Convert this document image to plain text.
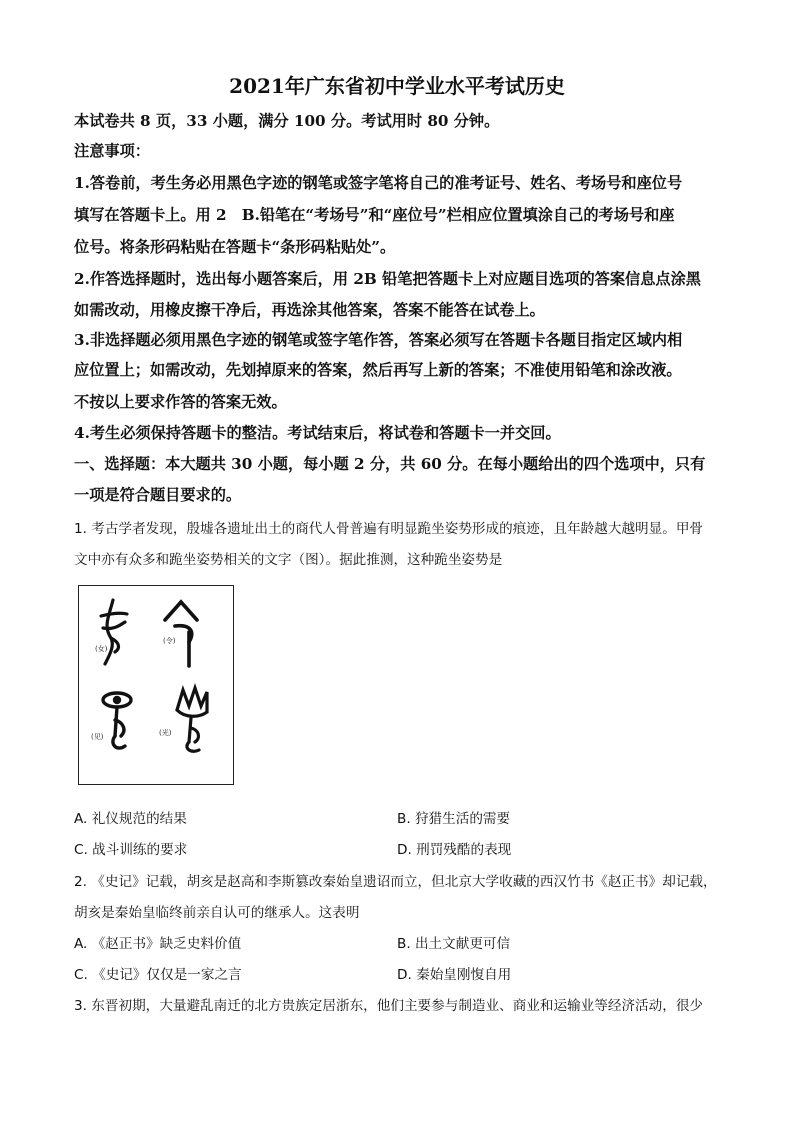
2021年广东省初中学业水平考试历史
本试卷共 8 页，33 小题，满分 100 分。考试用时 80 分钟。
注意事项：
1.答卷前，考生务必用黑色字迹的钢笔或签字笔将自己的准考证号、姓名、考场号和座位号
填写在答题卡上。用 2　B.铅笔在“考场号”和“座位号”栏相应位置填涂自己的考场号和座
位号。将条形码粘贴在答题卡“条形码粘贴处”。
2.作答选择题时，选出每小题答案后，用 2B 铅笔把答题卡上对应题目选项的答案信息点涂黑
如需改动，用橡皮擦干净后，再选涂其他答案，答案不能答在试卷上。
3.非选择题必须用黑色字迹的钢笔或签字笔作答，答案必须写在答题卡各题目指定区域内相
应位置上；如需改动，先划掉原来的答案，然后再写上新的答案；不准使用铅笔和涂改液。
不按以上要求作答的答案无效。
4.考生必须保持答题卡的整洁。考试结束后，将试卷和答题卡一并交回。
一、选择题：本大题共 30 小题，每小题 2 分，共 60 分。在每小题给出的四个选项中，只有
一项是符合题目要求的。
1. 考古学者发现，殷墟各遗址出土的商代人骨普遍有明显跪坐姿势形成的痕迹，且年龄越大越明显。甲骨
文中亦有众多和跪坐姿势相关的文字（图）。据此推测，这种跪坐姿势是
(女)
(令)
(见)	(光)
A. 礼仪规范的结果	B. 狩猎生活的需要
C. 战斗训练的要求	D. 刑罚残酷的表现
2. 《史记》记载，胡亥是赵高和李斯篡改秦始皇遗诏而立，但北京大学收藏的西汉竹书《赵正书》却记载，
胡亥是秦始皇临终前亲自认可的继承人。这表明
A. 《赵正书》缺乏史料价值	B. 出土文献更可信
C. 《史记》仅仅是一家之言	D. 秦始皇刚愎自用
3. 东晋初期，大量避乱南迁的北方贵族定居浙东，他们主要参与制造业、商业和运输业等经济活动，很少
